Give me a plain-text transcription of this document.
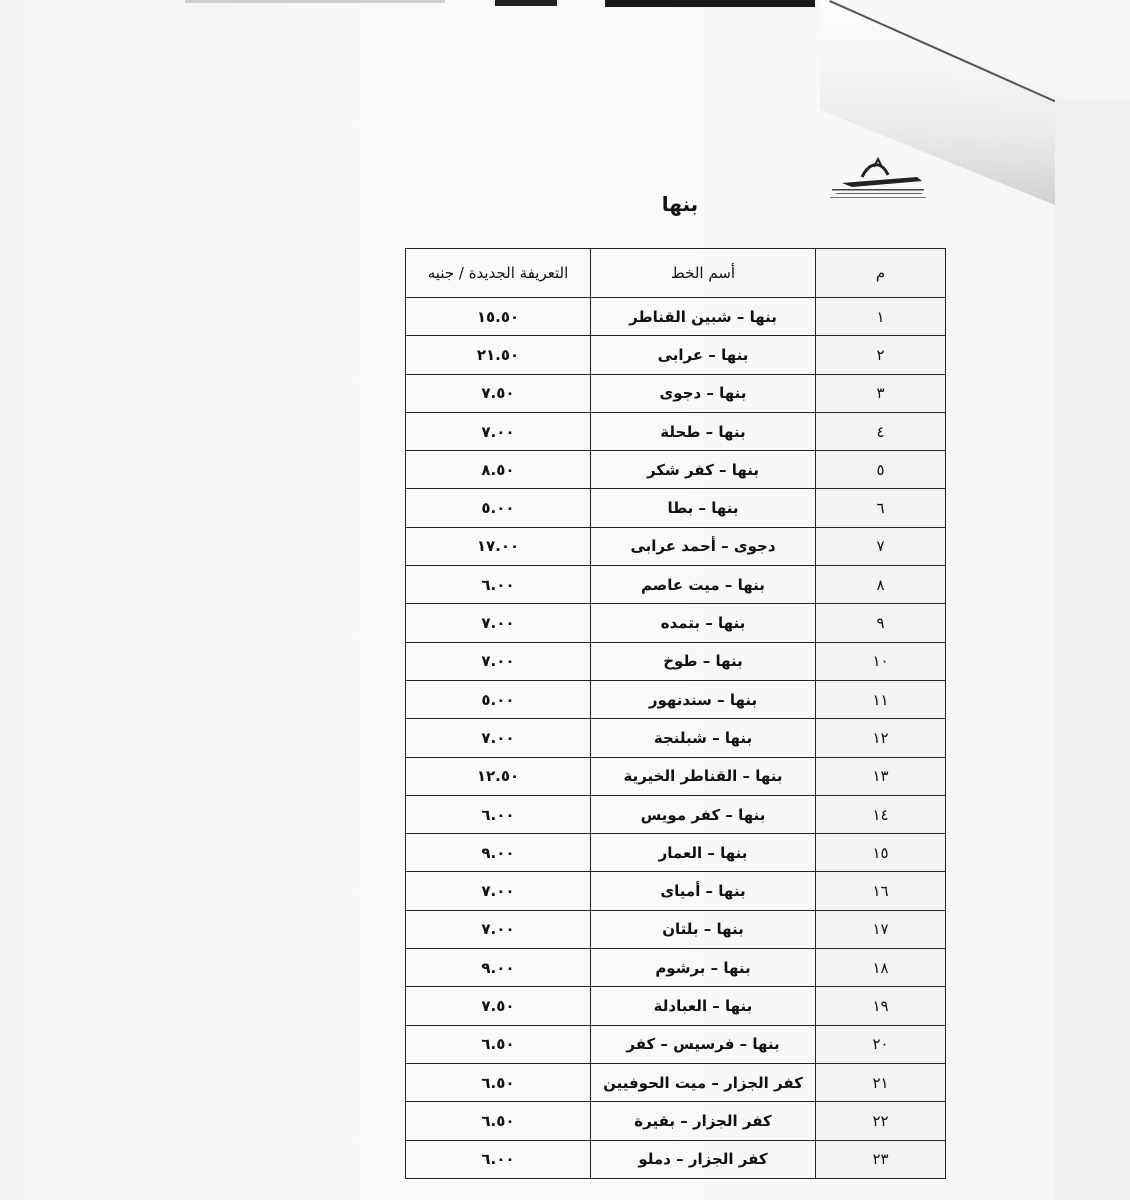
بنها
م	أسم الخط	التعريفة الجديدة / جنيه
١	بنها – شبين القناطر	١٥.٥٠
٢	بنها – عرابى	٢١.٥٠
٣	بنها – دجوى	٧.٥٠
٤	بنها – طحلة	٧.٠٠
٥	بنها – كفر شكر	٨.٥٠
٦	بنها – بطا	٥.٠٠
٧	دجوى – أحمد عرابى	١٧.٠٠
٨	بنها – ميت عاصم	٦.٠٠
٩	بنها – بتمده	٧.٠٠
١٠	بنها – طوخ	٧.٠٠
١١	بنها – سندنهور	٥.٠٠
١٢	بنها – شبلنجة	٧.٠٠
١٣	بنها – القناطر الخيرية	١٢.٥٠
١٤	بنها – كفر مويس	٦.٠٠
١٥	بنها – العمار	٩.٠٠
١٦	بنها – أمياى	٧.٠٠
١٧	بنها – بلتان	٧.٠٠
١٨	بنها – برشوم	٩.٠٠
١٩	بنها – العبادلة	٧.٥٠
٢٠	بنها – فرسيس – كفر	٦.٥٠
٢١	كفر الجزار – ميت الحوفيين	٦.٥٠
٢٢	كفر الجزار – بقيرة	٦.٥٠
٢٣	كفر الجزار – دملو	٦.٠٠
